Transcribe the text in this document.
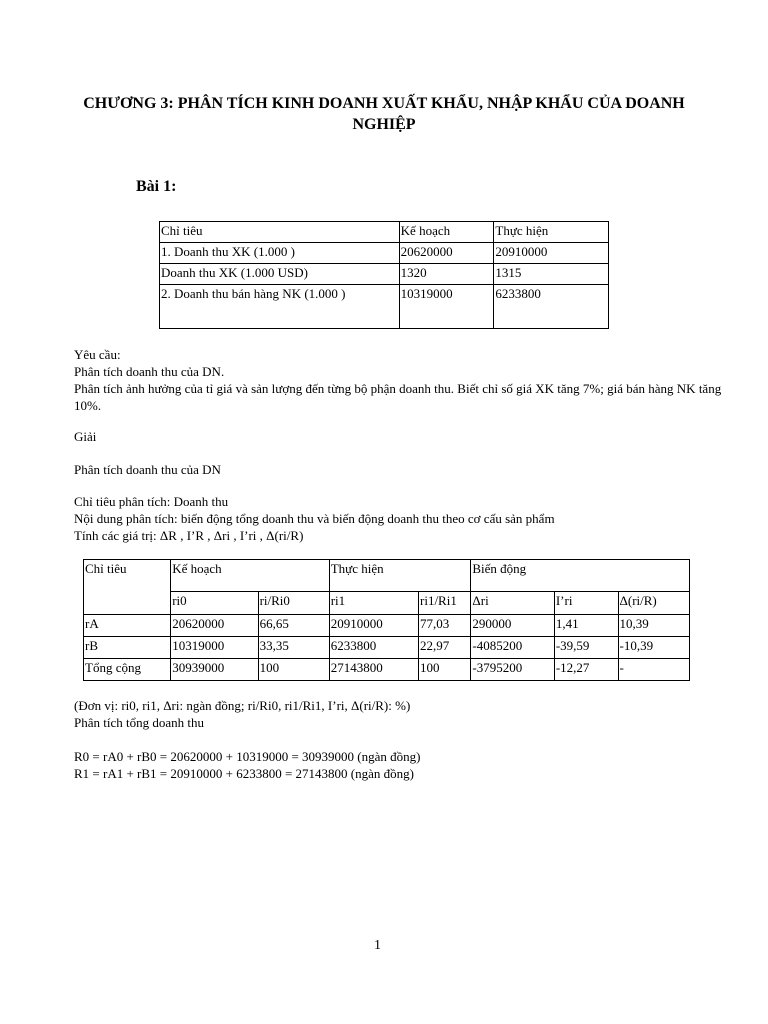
CHƯƠNG 3: PHÂN TÍCH KINH DOANH XUẤT KHẨU, NHẬP KHẨU CỦA DOANH NGHIỆP
Bài 1:
Chỉ tiêu	Kế hoạch	Thực hiện
1. Doanh thu XK (1.000 )	20620000	20910000
Doanh thu XK (1.000 USD)	1320	1315
2. Doanh thu bán hàng NK (1.000 )	10319000	6233800
Yêu cầu:
Phân tích doanh thu của DN.
Phân tích ảnh hưởng của tỉ giá và sản lượng đến từng bộ phận doanh thu. Biết chỉ số giá XK tăng 7%; giá bán hàng NK tăng 10%.
Giải
Phân tích doanh thu của DN
Chỉ tiêu phân tích: Doanh thu
Nội dung phân tích: biến động tổng doanh thu và biến động doanh thu theo cơ cấu sản phẩm
Tính các giá trị: ΔR , I’R , Δri , I’ri , Δ(ri/R)
Chỉ tiêu	Kế hoạch		Thực hiện		Biến động		
	ri0	ri/Ri0	ri1	ri1/Ri1	Δri	I’ri	Δ(ri/R)
rA	20620000	66,65	20910000	77,03	290000	1,41	10,39
rB	10319000	33,35	6233800	22,97	-4085200	-39,59	-10,39
Tổng cộng	30939000	100	27143800	100	-3795200	-12,27	-
(Đơn vị: ri0, ri1, Δri: ngàn đồng; ri/Ri0, ri1/Ri1, I’ri, Δ(ri/R): %)
Phân tích tổng doanh thu
R0 = rA0 + rB0 = 20620000 + 10319000 = 30939000 (ngàn đồng)
R1 = rA1 + rB1 = 20910000 + 6233800 = 27143800 (ngàn đồng)
1
